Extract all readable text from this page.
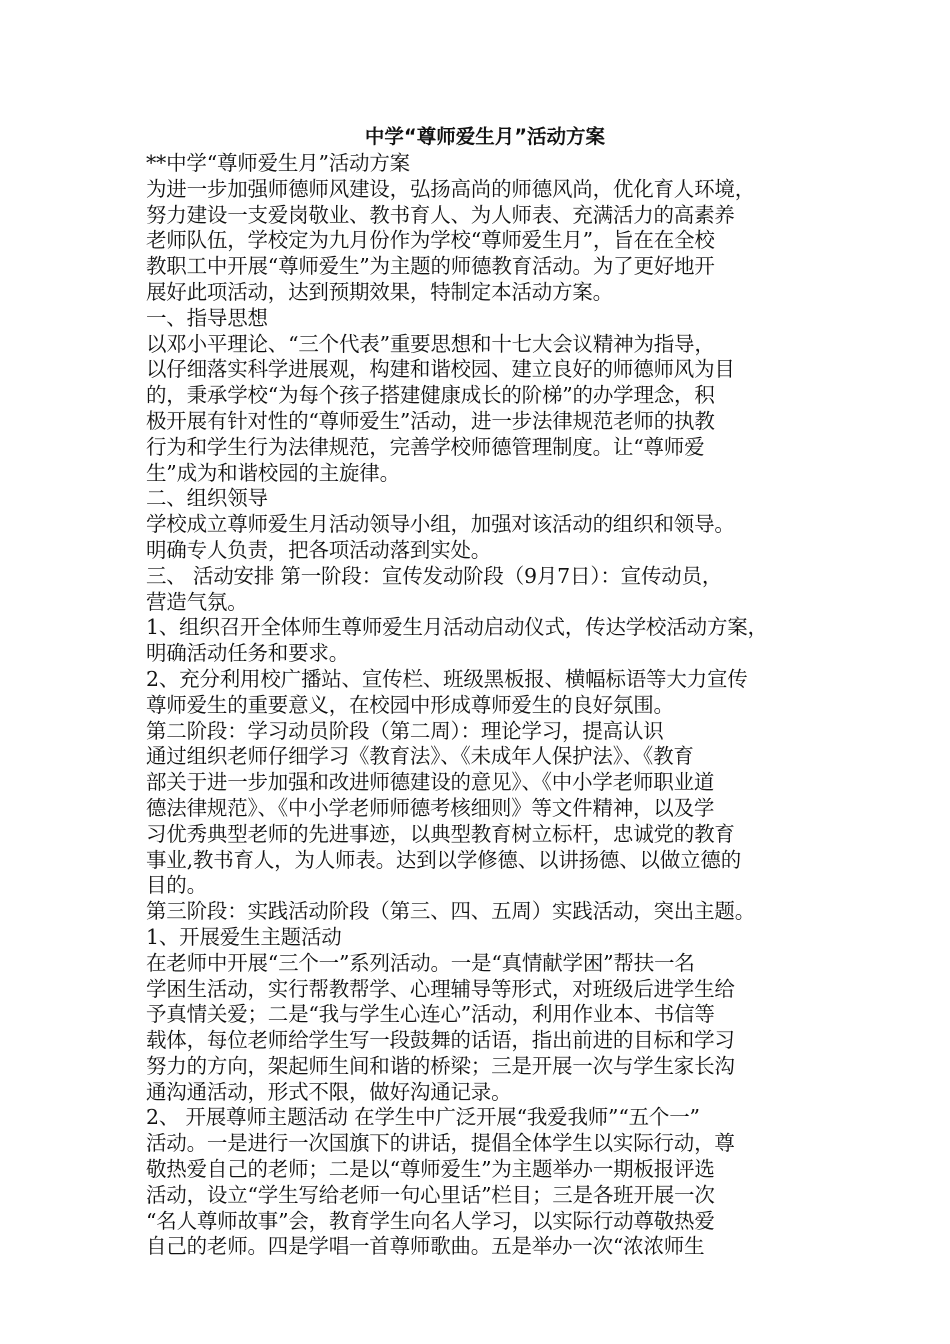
中学“尊师爱生月”活动方案
**中学“尊师爱生月”活动方案
为进一步加强师德师风建设，弘扬高尚的师德风尚，优化育人环境，
努力建设一支爱岗敬业、教书育人、为人师表、充满活力的高素养
老师队伍，学校定为九月份作为学校“尊师爱生月”，旨在在全校
教职工中开展“尊师爱生”为主题的师德教育活动。为了更好地开
展好此项活动，达到预期效果，特制定本活动方案。
一、指导思想
以邓小平理论、“三个代表”重要思想和十七大会议精神为指导，
以仔细落实科学进展观，构建和谐校园、建立良好的师德师风为目
的，秉承学校“为每个孩子搭建健康成长的阶梯”的办学理念，积
极开展有针对性的“尊师爱生”活动，进一步法律规范老师的执教
行为和学生行为法律规范，完善学校师德管理制度。让“尊师爱
生”成为和谐校园的主旋律。
二、组织领导
学校成立尊师爱生月活动领导小组，加强对该活动的组织和领导。
明确专人负责，把各项活动落到实处。
三、 活动安排 第一阶段：宣传发动阶段（9月7日）：宣传动员，
营造气氛。
1、组织召开全体师生尊师爱生月活动启动仪式，传达学校活动方案，
明确活动任务和要求。
2、充分利用校广播站、宣传栏、班级黑板报、横幅标语等大力宣传
尊师爱生的重要意义，在校园中形成尊师爱生的良好氛围。
第二阶段：学习动员阶段（第二周）：理论学习，提高认识
通过组织老师仔细学习《教育法》、《未成年人保护法》、《教育
部关于进一步加强和改进师德建设的意见》、《中小学老师职业道
德法律规范》、《中小学老师师德考核细则》等文件精神，以及学
习优秀典型老师的先进事迹，以典型教育树立标杆，忠诚党的教育
事业,教书育人，为人师表。达到以学修德、以讲扬德、以做立德的
目的。
第三阶段：实践活动阶段（第三、四、五周）实践活动，突出主题。
1、开展爱生主题活动
在老师中开展“三个一”系列活动。一是“真情献学困”帮扶一名
学困生活动，实行帮教帮学、心理辅导等形式，对班级后进学生给
予真情关爱；二是“我与学生心连心”活动，利用作业本、书信等
载体，每位老师给学生写一段鼓舞的话语，指出前进的目标和学习
努力的方向，架起师生间和谐的桥梁；三是开展一次与学生家长沟
通沟通活动，形式不限，做好沟通记录。
2、 开展尊师主题活动 在学生中广泛开展“我爱我师”“五个一”
活动。一是进行一次国旗下的讲话，提倡全体学生以实际行动，尊
敬热爱自己的老师；二是以“尊师爱生”为主题举办一期板报评选
活动，设立“学生写给老师一句心里话”栏目；三是各班开展一次
“名人尊师故事”会，教育学生向名人学习，以实际行动尊敬热爱
自己的老师。四是学唱一首尊师歌曲。五是举办一次“浓浓师生
